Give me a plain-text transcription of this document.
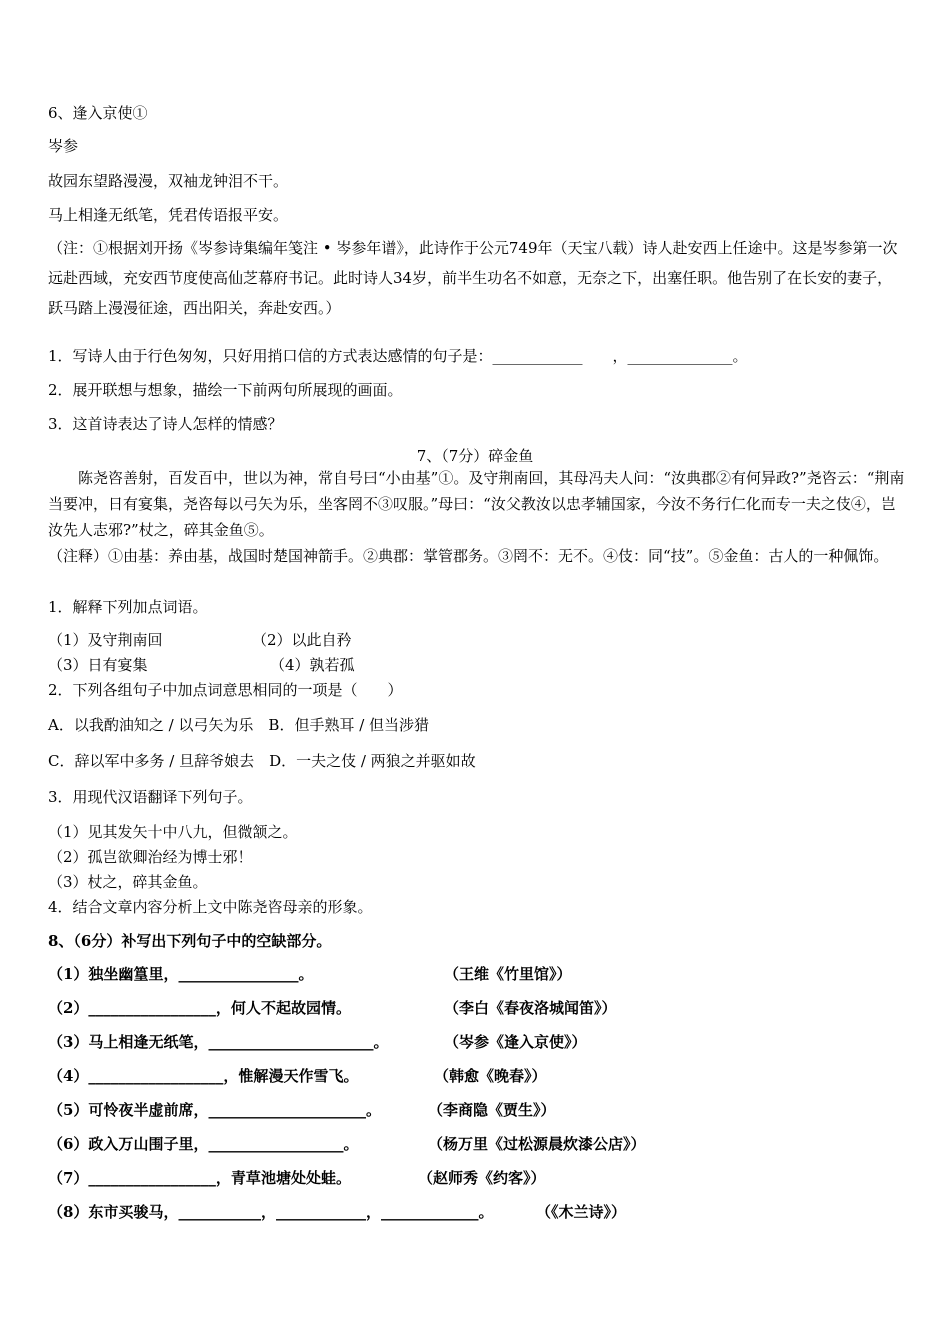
6、逢入京使➀
岑参
故园东望路漫漫，双袖龙钟泪不干。
马上相逢无纸笔，凭君传语报平安。
（注：➀根据刘开扬《岑参诗集编年笺注 • 岑参年谱》，此诗作于公元749年（天宝八载）诗人赴安西上任途中。这是岑参第一次远赴西域，充安西节度使高仙芝幕府书记。此时诗人34岁，前半生功名不如意，无奈之下，出塞任职。他告别了在长安的妻子，跃马踏上漫漫征途，西出阳关，奔赴安西。）
1．写诗人由于行色匆匆，只好用捎口信的方式表达感情的句子是：____________　　，______________。
2．展开联想与想象，描绘一下前两句所展现的画面。
3．这首诗表达了诗人怎样的情感？
7、（7分）碎金鱼
　　陈尧咨善射，百发百中，世以为神，常自号曰“小由基”①。及守荆南回，其母冯夫人问：“汝典郡②有何异政?”尧咨云：“荆南当要冲，日有宴集，尧咨每以弓矢为乐，坐客罔不③叹服。”母曰：“汝父教汝以忠孝辅国家，今汝不务行仁化而专一夫之伎④，岂汝先人志邪?”杖之，碎其金鱼⑤。
（注释）①由基：养由基，战国时楚国神箭手。②典郡：掌管郡务。③罔不：无不。④伎：同“技”。⑤金鱼：古人的一种佩饰。
1．解释下列加点词语。
（1）及守荆南回	（2）以此自矜
（3）日有宴集	（4）孰若孤
2．下列各组句子中加点词意思相同的一项是（　　）
A．以我酌油知之 / 以弓矢为乐　B．但手熟耳 / 但当涉猎
C．辞以军中多务 / 旦辞爷娘去　D．一夫之伎 / 两狼之并驱如故
3．用现代汉语翻译下列句子。
（1）见其发矢十中八九，但微颔之。
（2）孤岂欲卿治经为博士邪！
（3）杖之，碎其金鱼。
4．结合文章内容分析上文中陈尧咨母亲的形象。
8、（6分）补写出下列句子中的空缺部分。
（1）独坐幽篁里，________________。	（王维《竹里馆》）
（2）_________________，何人不起故园情。	（李白《春夜洛城闻笛》）
（3）马上相逢无纸笔，______________________。	（岑参《逢入京使》）
（4）__________________，惟解漫天作雪飞。	（韩愈《晚春》）
（5）可怜夜半虚前席，_____________________。	（李商隐《贾生》）
（6）政入万山围子里，__________________。	（杨万里《过松源晨炊漆公店》）
（7）_________________，青草池塘处处蛙。	（赵师秀《约客》）
（8）东市买骏马，___________，____________，_____________。	（《木兰诗》）
